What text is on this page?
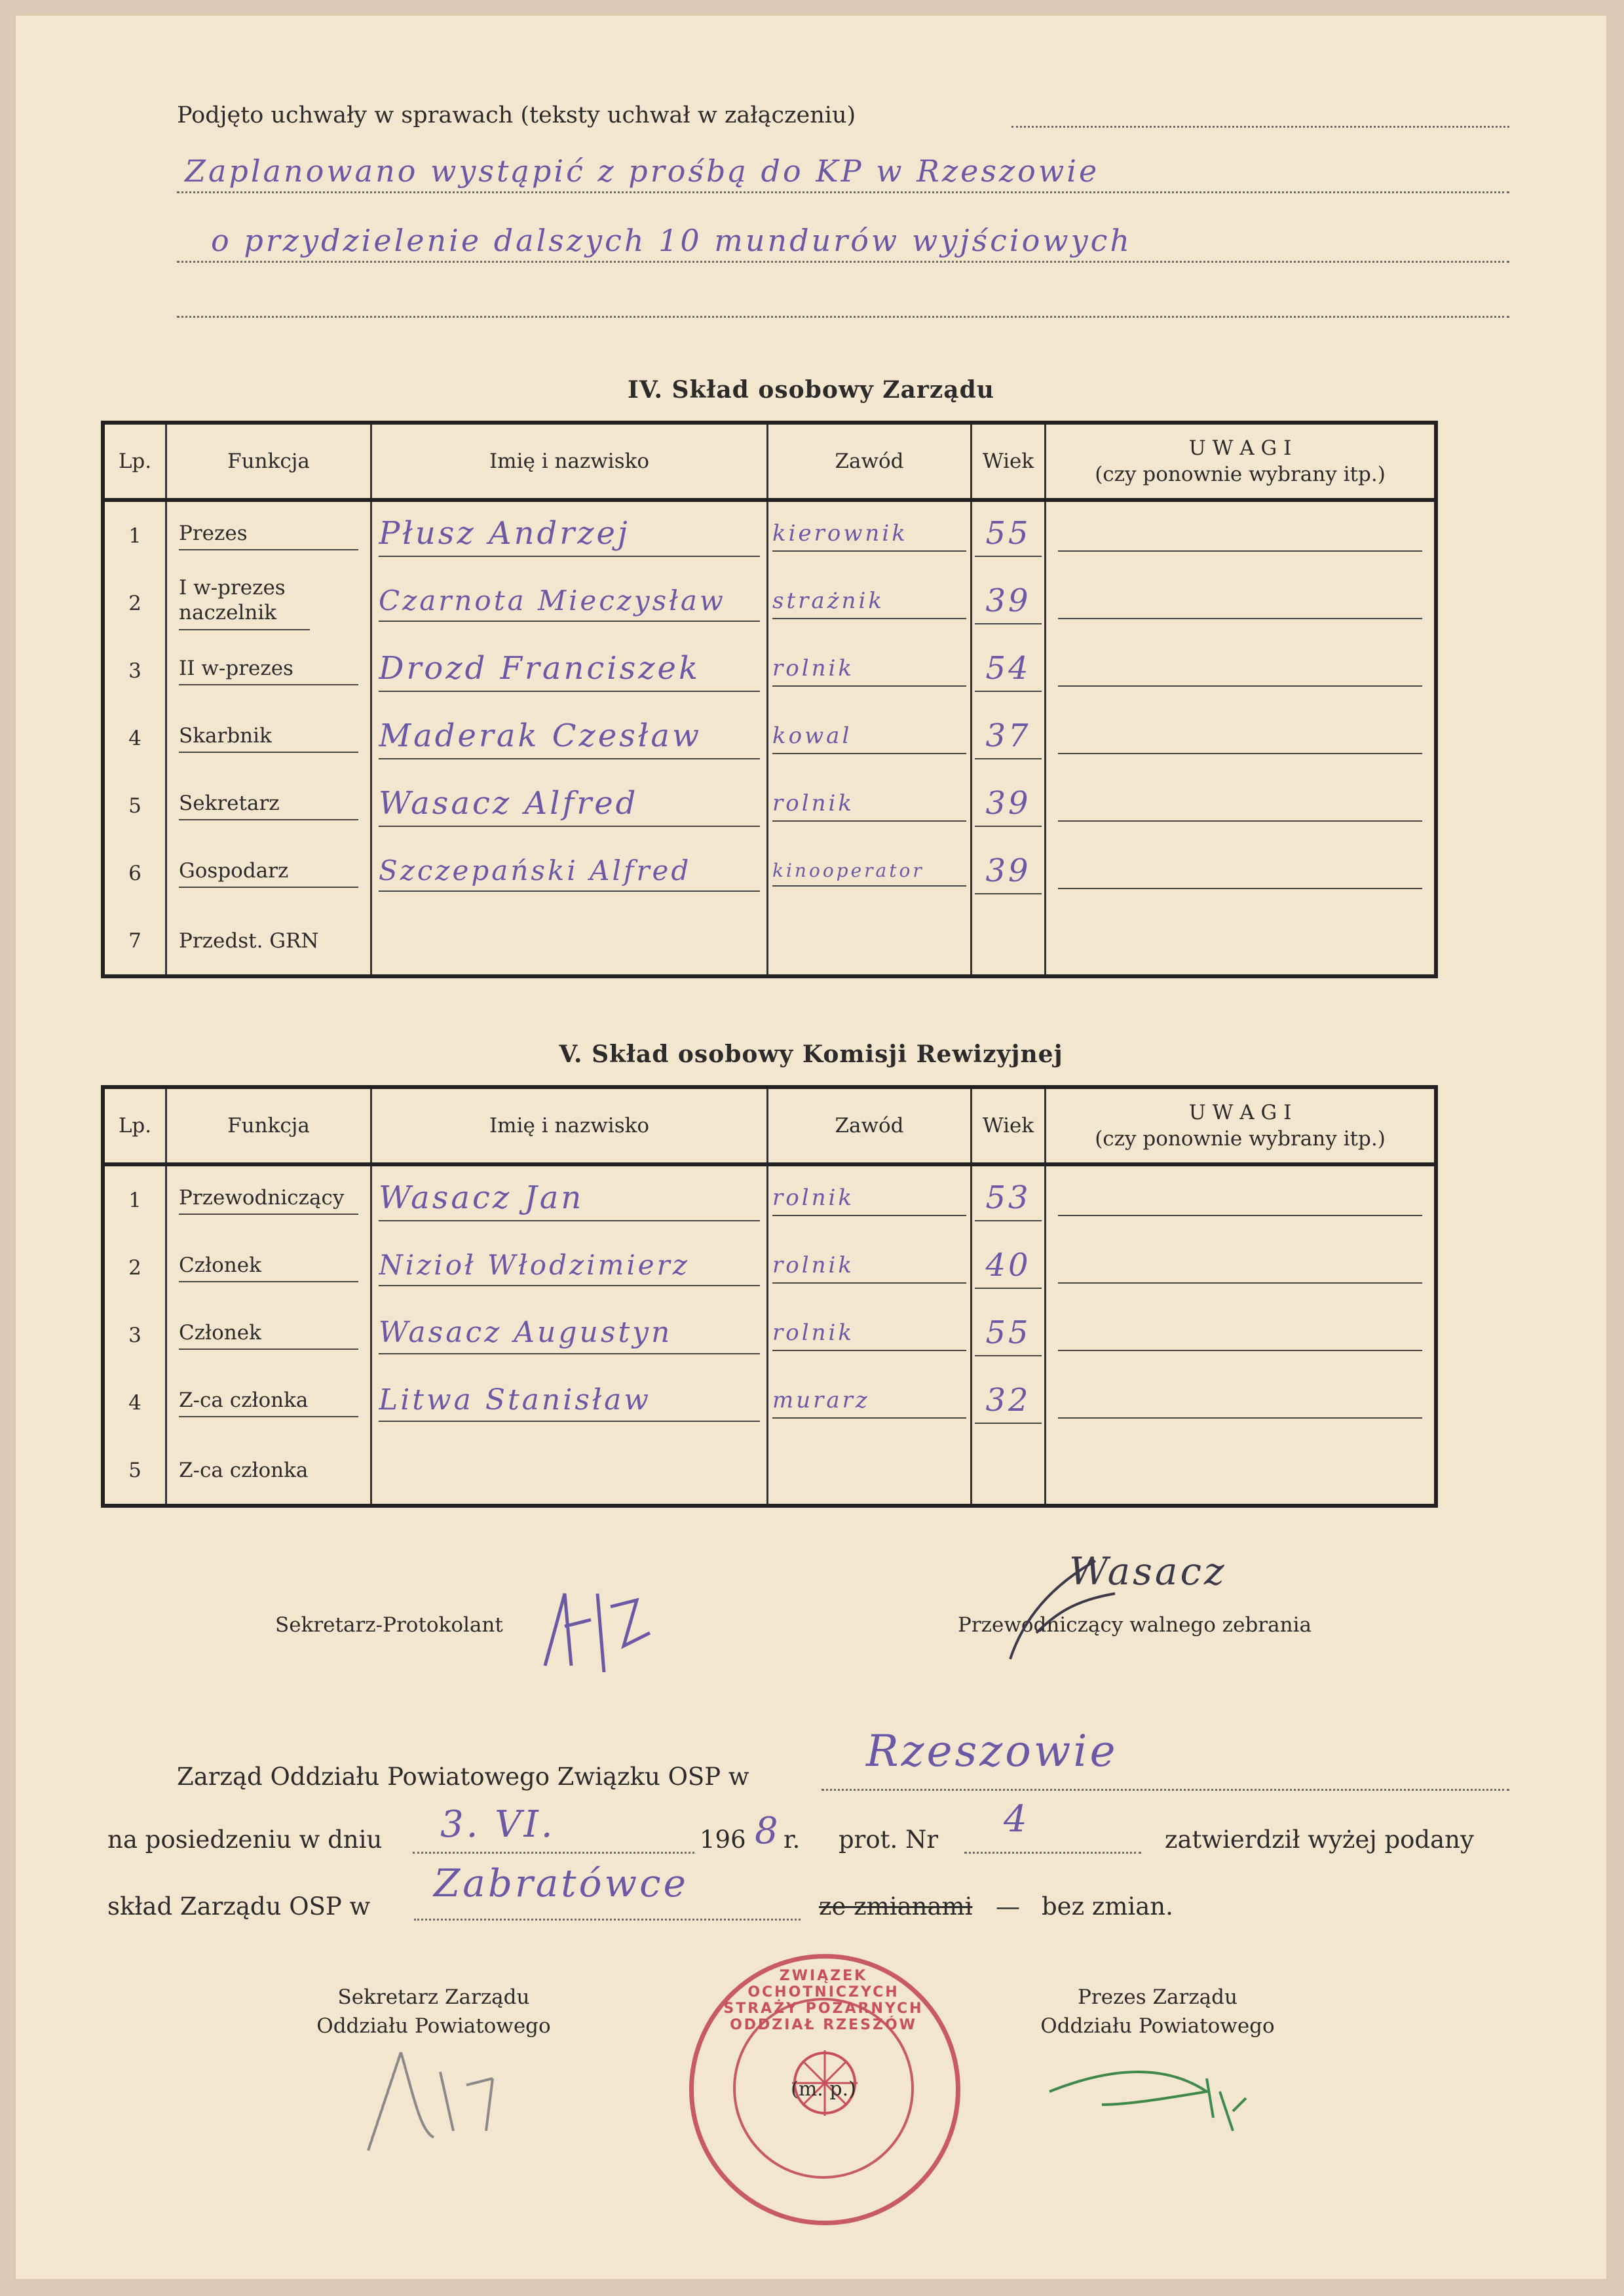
Podjęto uchwały w sprawach (teksty uchwał w załączeniu)
Zaplanowano wystąpić z prośbą do KP w Rzeszowie
o przydzielenie dalszych 10 mundurów wyjściowych
IV. Skład osobowy Zarządu
Lp.	Funkcja	Imię i nazwisko	Zawód	Wiek	U W A G I
(czy ponownie wybrany itp.)

1	Prezes	Płusz Andrzej	kierownik	55	

2	I w-prezes naczelnik	Czarnota Mieczysław	strażnik	39	

3	II w-prezes	Drozd Franciszek	rolnik	54	

4	Skarbnik	Maderak Czesław	kowal	37	

5	Sekretarz	Wasacz Alfred	rolnik	39	

6	Gospodarz	Szczepański Alfred	kinooperator	39	

7	Przedst. GRN				
V. Skład osobowy Komisji Rewizyjnej
Lp.	Funkcja	Imię i nazwisko	Zawód	Wiek	U W A G I
(czy ponownie wybrany itp.)

1	Przewodniczący	Wasacz Jan	rolnik	53	

2	Członek	Nizioł Włodzimierz	rolnik	40	

3	Członek	Wasacz Augustyn	rolnik	55	

4	Z-ca członka	Litwa Stanisław	murarz	32	

5	Z-ca członka				
Sekretarz-Protokolant	Przewodniczący walnego zebrania
Wasacz
Zarząd Oddziału Powiatowego Związku OSP w
Rzeszowie
na posiedzeniu w dniu 3. VI.	196 8 r. prot. Nr 4	zatwierdził wyżej podany
skład Zarządu OSP w
Zabratówce
ze zmianami — bez zmian.
Sekretarz Zarządu
Oddziału Powiatowego
Prezes Zarządu
Oddziału Powiatowego
ZWIĄZEK OCHOTNICZYCH STRAŻY POŻARNYCH ODDZIAŁ RZESZÓW
(m. p.)
